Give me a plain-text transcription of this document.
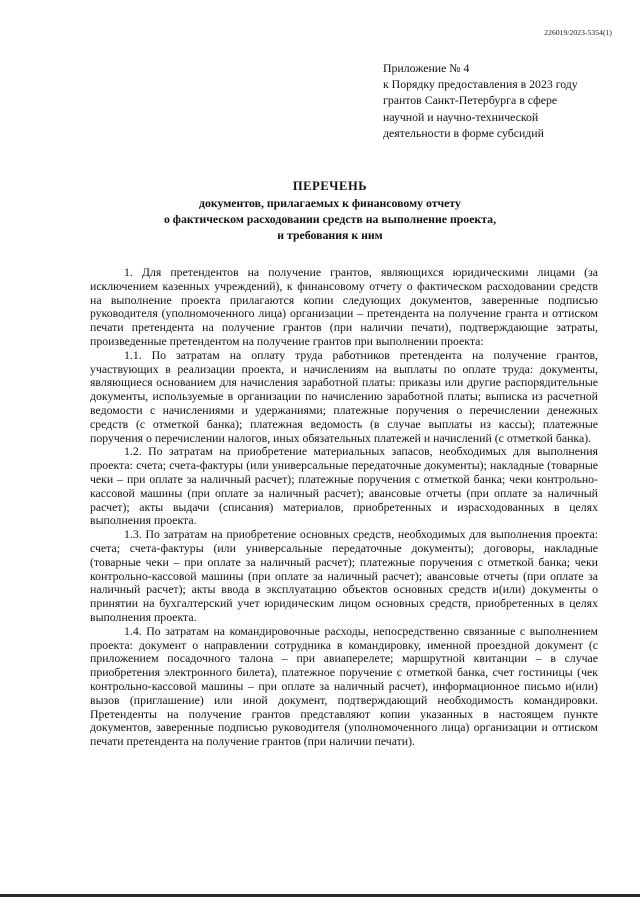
226019/2023-5354(1)
Приложение № 4
к Порядку предоставления в 2023 году
грантов Санкт-Петербурга в сфере
научной и научно-технической
деятельности в форме субсидий
ПЕРЕЧЕНЬ
документов, прилагаемых к финансовому отчету
о фактическом расходовании средств на выполнение проекта,
и требования к ним

1. Для претендентов на получение грантов, являющихся юридическими лицами (за исключением казенных учреждений), к финансовому отчету о фактическом расходовании средств на выполнение проекта прилагаются копии следующих документов, заверенные подписью руководителя (уполномоченного лица) организации – претендента на получение гранта и оттиском печати претендента на получение грантов (при наличии печати), подтверждающие затраты, произведенные претендентом на получение грантов при выполнении проекта:

1.1. По затратам на оплату труда работников претендента на получение грантов, участвующих в реализации проекта, и начислениям на выплаты по оплате труда: документы, являющиеся основанием для начисления заработной платы: приказы или другие распорядительные документы, используемые в организации по начислению заработной платы; выписка из расчетной ведомости с начислениями и удержаниями; платежные поручения о перечислении денежных средств (с отметкой банка); платежная ведомость (в случае выплаты из кассы); платежные поручения о перечислении налогов, иных обязательных платежей и начислений (с отметкой банка).

1.2. По затратам на приобретение материальных запасов, необходимых для выполнения проекта: счета; счета-фактуры (или универсальные передаточные документы); накладные (товарные чеки – при оплате за наличный расчет); платежные поручения с отметкой банка; чеки контрольно-кассовой машины (при оплате за наличный расчет); авансовые отчеты (при оплате за наличный расчет); акты выдачи (списания) материалов, приобретенных и израсходованных в целях выполнения проекта.

1.3. По затратам на приобретение основных средств, необходимых для выполнения проекта: счета; счета-фактуры (или универсальные передаточные документы); договоры, накладные (товарные чеки – при оплате за наличный расчет); платежные поручения с отметкой банка; чеки контрольно-кассовой машины (при оплате за наличный расчет); авансовые отчеты (при оплате за наличный расчет); акты ввода в эксплуатацию объектов основных средств и(или) документы о принятии на бухгалтерский учет юридическим лицом основных средств, приобретенных в целях выполнения проекта.

1.4. По затратам на командировочные расходы, непосредственно связанные с выполнением проекта: документ о направлении сотрудника в командировку, именной проездной документ (с приложением посадочного талона – при авиаперелете; маршрутной квитанции – в случае приобретения электронного билета), платежное поручение с отметкой банка, счет гостиницы (чек контрольно-кассовой машины – при оплате за наличный расчет), информационное письмо и(или) вызов (приглашение) или иной документ, подтверждающий необходимость командировки. Претенденты на получение грантов представляют копии указанных в настоящем пункте документов, заверенные подписью руководителя (уполномоченного лица) организации и оттиском печати претендента на получение грантов (при наличии печати).
